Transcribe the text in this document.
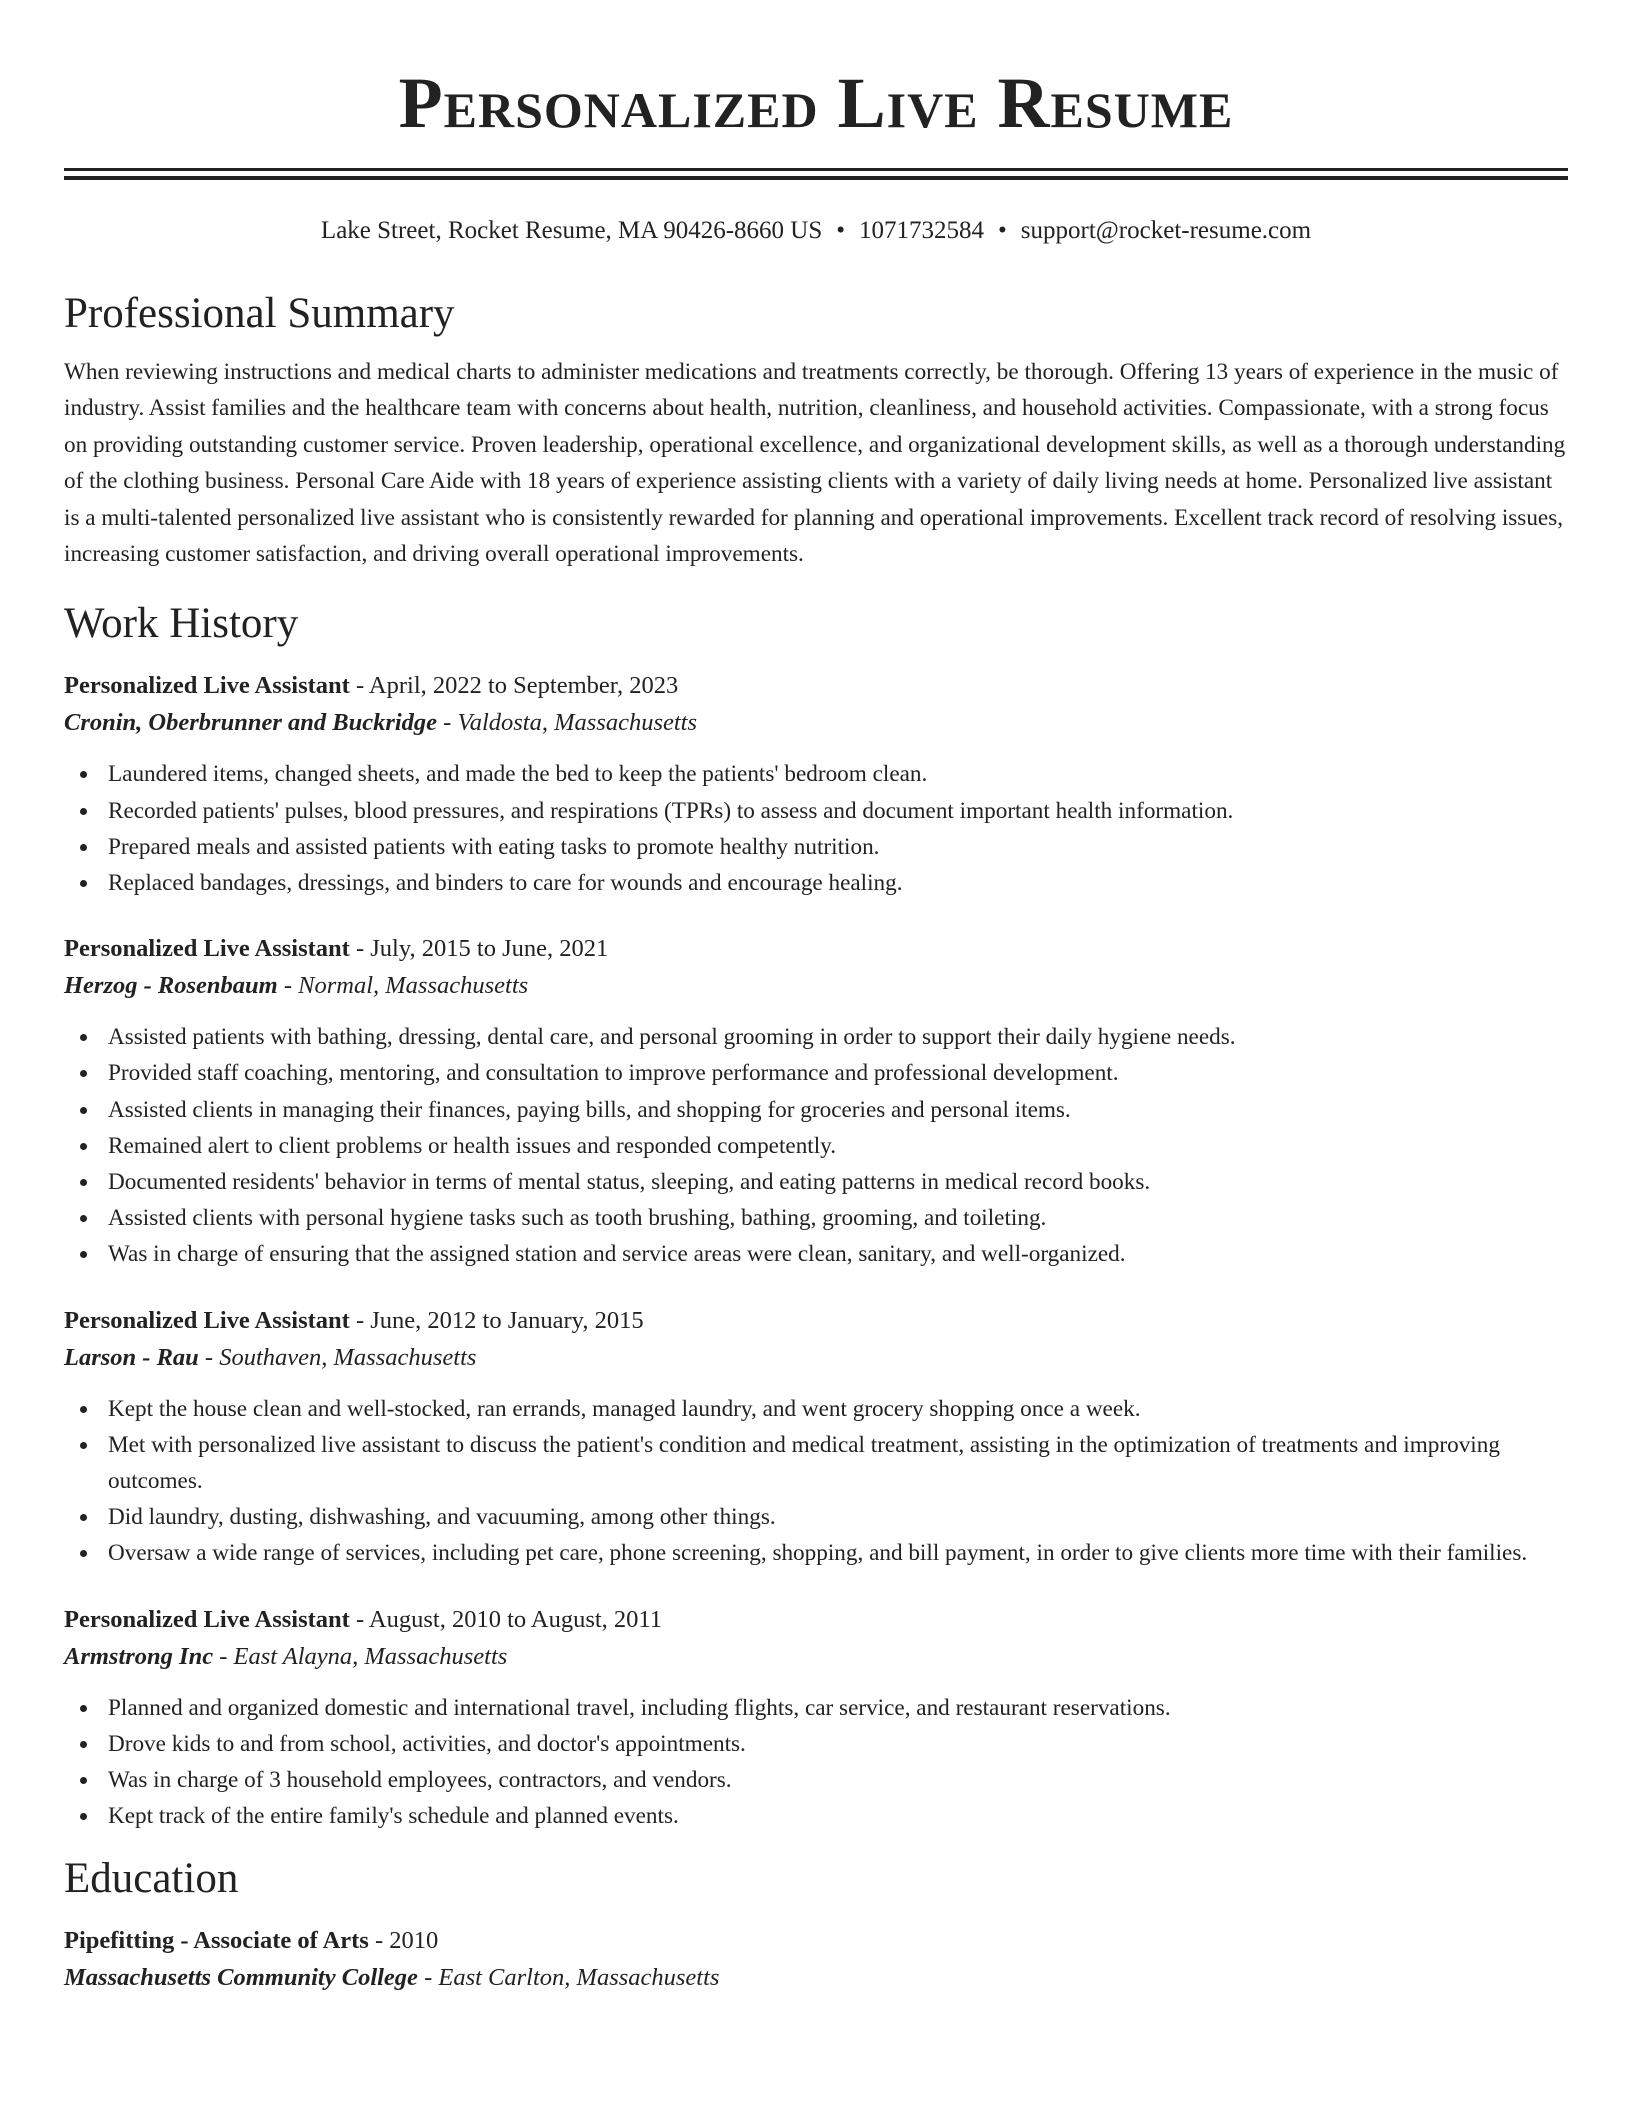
Personalized Live Resume
Lake Street, Rocket Resume, MA 90426-8660 US • 1071732584 • support@rocket-resume.com
Professional Summary

When reviewing instructions and medical charts to administer medications and treatments correctly, be thorough. Offering 13 years of experience in the music of industry. Assist families and the healthcare team with concerns about health, nutrition, cleanliness, and household activities. Compassionate, with a strong focus on providing outstanding customer service. Proven leadership, operational excellence, and organizational development skills, as well as a thorough understanding of the clothing business. Personal Care Aide with 18 years of experience assisting clients with a variety of daily living needs at home. Personalized live assistant is a multi-talented personalized live assistant who is consistently rewarded for planning and operational improvements. Excellent track record of resolving issues, increasing customer satisfaction, and driving overall operational improvements.

Work History
Personalized Live Assistant - April, 2022 to September, 2023
Cronin, Oberbrunner and Buckridge - Valdosta, Massachusetts
Laundered items, changed sheets, and made the bed to keep the patients' bedroom clean.
Recorded patients' pulses, blood pressures, and respirations (TPRs) to assess and document important health information.
Prepared meals and assisted patients with eating tasks to promote healthy nutrition.
Replaced bandages, dressings, and binders to care for wounds and encourage healing.
Personalized Live Assistant - July, 2015 to June, 2021
Herzog - Rosenbaum - Normal, Massachusetts
Assisted patients with bathing, dressing, dental care, and personal grooming in order to support their daily hygiene needs.
Provided staff coaching, mentoring, and consultation to improve performance and professional development.
Assisted clients in managing their finances, paying bills, and shopping for groceries and personal items.
Remained alert to client problems or health issues and responded competently.
Documented residents' behavior in terms of mental status, sleeping, and eating patterns in medical record books.
Assisted clients with personal hygiene tasks such as tooth brushing, bathing, grooming, and toileting.
Was in charge of ensuring that the assigned station and service areas were clean, sanitary, and well-organized.
Personalized Live Assistant - June, 2012 to January, 2015
Larson - Rau - Southaven, Massachusetts
Kept the house clean and well-stocked, ran errands, managed laundry, and went grocery shopping once a week.
Met with personalized live assistant to discuss the patient's condition and medical treatment, assisting in the optimization of treatments and improving outcomes.
Did laundry, dusting, dishwashing, and vacuuming, among other things.
Oversaw a wide range of services, including pet care, phone screening, shopping, and bill payment, in order to give clients more time with their families.
Personalized Live Assistant - August, 2010 to August, 2011
Armstrong Inc - East Alayna, Massachusetts
Planned and organized domestic and international travel, including flights, car service, and restaurant reservations.
Drove kids to and from school, activities, and doctor's appointments.
Was in charge of 3 household employees, contractors, and vendors.
Kept track of the entire family's schedule and planned events.
Education
Pipefitting - Associate of Arts - 2010
Massachusetts Community College - East Carlton, Massachusetts
